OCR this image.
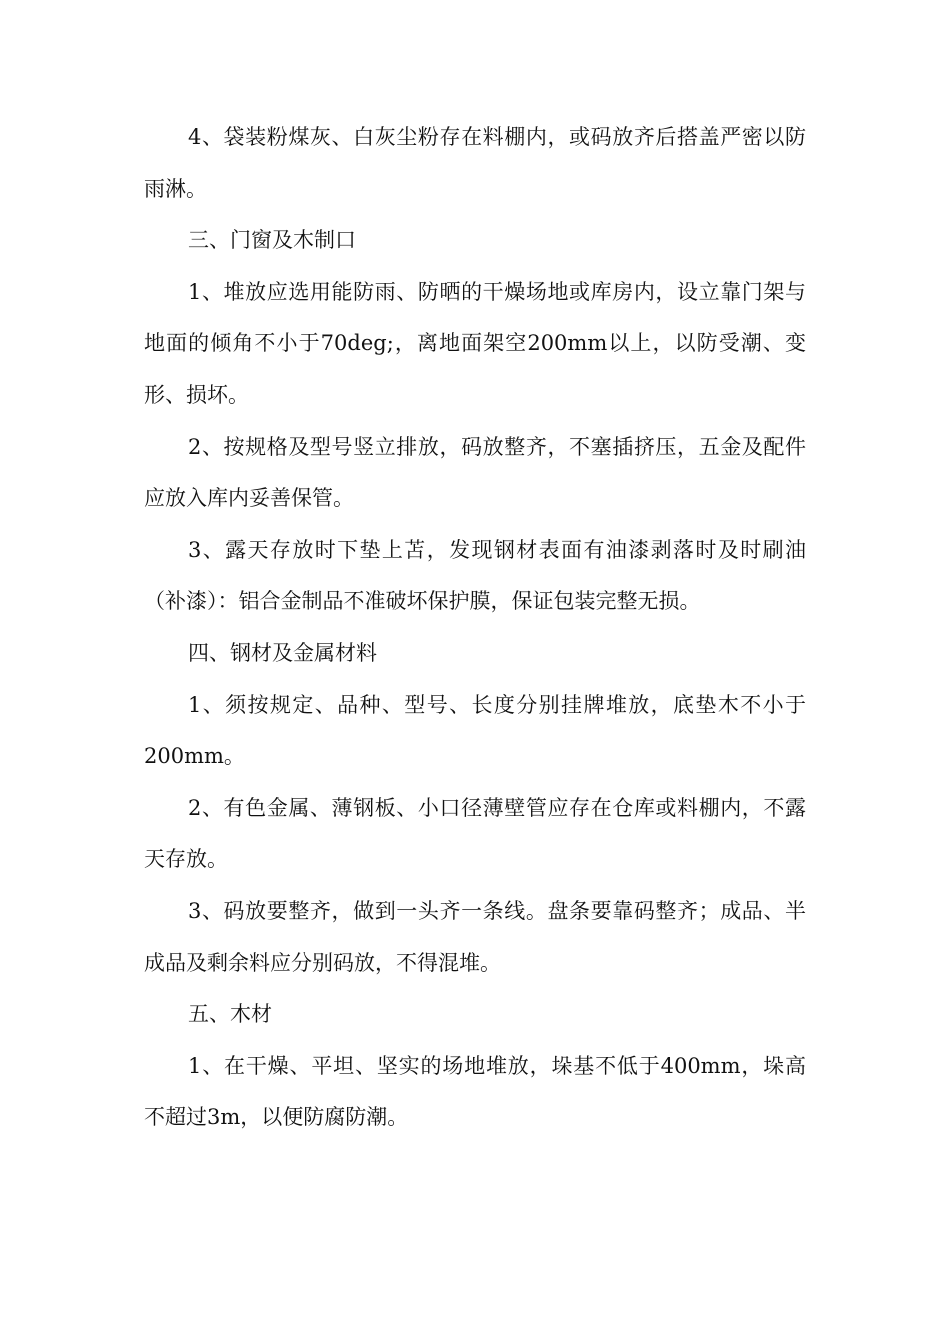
4、袋装粉煤灰、白灰尘粉存在料棚内，或码放齐后搭盖严密以防雨淋。

三、门窗及木制口

1、堆放应选用能防雨、防晒的干燥场地或库房内，设立靠门架与地面的倾角不小于70deg;，离地面架空200mm以上，以防受潮、变形、损坏。

2、按规格及型号竖立排放，码放整齐，不塞插挤压，五金及配件应放入库内妥善保管。

3、露天存放时下垫上苫，发现钢材表面有油漆剥落时及时刷油（补漆）：铝合金制品不准破坏保护膜，保证包装完整无损。

四、钢材及金属材料

1、须按规定、品种、型号、长度分别挂牌堆放，底垫木不小于200mm。

2、有色金属、薄钢板、小口径薄壁管应存在仓库或料棚内，不露天存放。

3、码放要整齐，做到一头齐一条线。盘条要靠码整齐；成品、半成品及剩余料应分别码放，不得混堆。

五、木材

1、在干燥、平坦、坚实的场地堆放，垛基不低于400mm，垛高不超过3m，以便防腐防潮。
